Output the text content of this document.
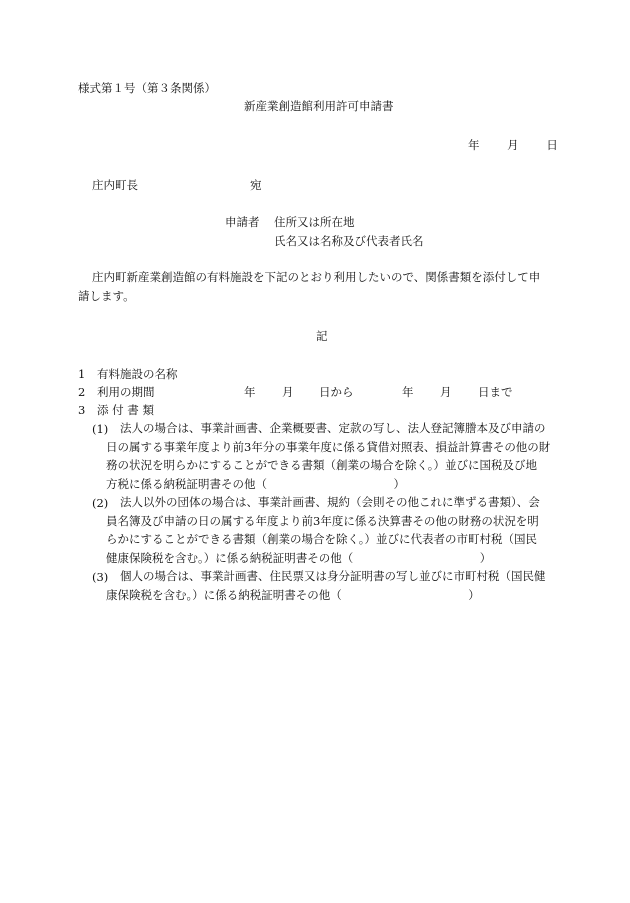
様式第１号（第３条関係）
新産業創造館利用許可申請書
年 月 日
庄内町長	宛
申請者 住所又は所在地
氏名又は名称及び代表者氏名
庄内町新産業創造館の有料施設を下記のとおり利用したいので、関係書類を添付して申
請します。
記
1 有料施設の名称
2 利用の期間	年 月 日から	年 月 日まで
3 添 付 書 類
(1)	法人の場合は、事業計画書、企業概要書、定款の写し、法人登記簿謄本及び申請の
日の属する事業年度より前3年分の事業年度に係る貸借対照表、損益計算書その他の財
務の状況を明らかにすることができる書類（創業の場合を除く。）並びに国税及び地
方税に係る納税証明書その他（　　　　　　　　　　　）
(2)	法人以外の団体の場合は、事業計画書、規約（会則その他これに準ずる書類）、会
員名簿及び申請の日の属する年度より前3年度に係る決算書その他の財務の状況を明
らかにすることができる書類（創業の場合を除く。）並びに代表者の市町村税（国民
健康保険税を含む。）に係る納税証明書その他（　　　　　　　　　　　）
(3)	個人の場合は、事業計画書、住民票又は身分証明書の写し並びに市町村税（国民健
康保険税を含む。）に係る納税証明書その他（　　　　　　　　　　　）
